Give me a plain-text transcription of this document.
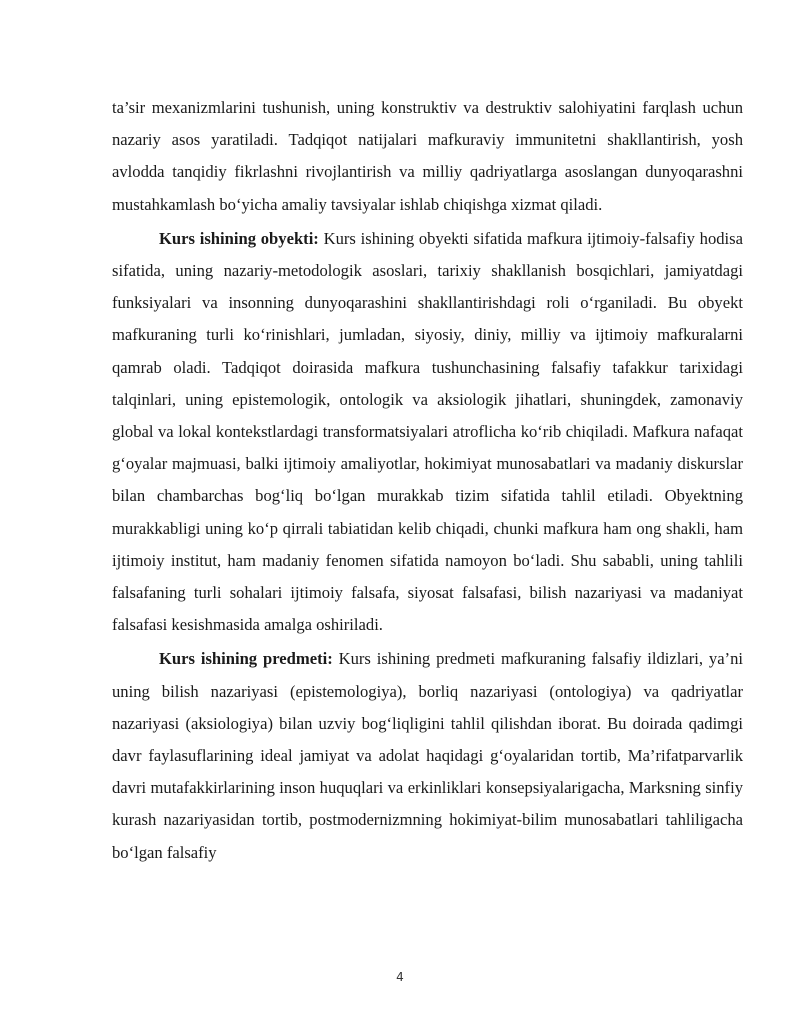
ta’sir mexanizmlarini tushunish, uning konstruktiv va destruktiv salohiyatini farqlash uchun nazariy asos yaratiladi. Tadqiqot natijalari mafkuraviy immunitetni shakllantirish, yosh avlodda tanqidiy fikrlashni rivojlantirish va milliy qadriyatlarga asoslangan dunyoqarashni mustahkamlash bo‘yicha amaliy tavsiyalar ishlab chiqishga xizmat qiladi.

Kurs ishining obyekti: Kurs ishining obyekti sifatida mafkura ijtimoiy-falsafiy hodisa sifatida, uning nazariy-metodologik asoslari, tarixiy shakllanish bosqichlari, jamiyatdagi funksiyalari va insonning dunyoqarashini shakllantirishdagi roli o‘rganiladi. Bu obyekt mafkuraning turli ko‘rinishlari, jumladan, siyosiy, diniy, milliy va ijtimoiy mafkuralarni qamrab oladi. Tadqiqot doirasida mafkura tushunchasining falsafiy tafakkur tarixidagi talqinlari, uning epistemologik, ontologik va aksiologik jihatlari, shuningdek, zamonaviy global va lokal kontekstlardagi transformatsiyalari atroflicha ko‘rib chiqiladi. Mafkura nafaqat g‘oyalar majmuasi, balki ijtimoiy amaliyotlar, hokimiyat munosabatlari va madaniy diskurslar bilan chambarchas bog‘liq bo‘lgan murakkab tizim sifatida tahlil etiladi. Obyektning murakkabligi uning ko‘p qirrali tabiatidan kelib chiqadi, chunki mafkura ham ong shakli, ham ijtimoiy institut, ham madaniy fenomen sifatida namoyon bo‘ladi. Shu sababli, uning tahlili falsafaning turli sohalari ijtimoiy falsafa, siyosat falsafasi, bilish nazariyasi va madaniyat falsafasi kesishmasida amalga oshiriladi.

Kurs ishining predmeti: Kurs ishining predmeti mafkuraning falsafiy ildizlari, ya’ni uning bilish nazariyasi (epistemologiya), borliq nazariyasi (ontologiya) va qadriyatlar nazariyasi (aksiologiya) bilan uzviy bog‘liqligini tahlil qilishdan iborat. Bu doirada qadimgi davr faylasuflarining ideal jamiyat va adolat haqidagi g‘oyalaridan tortib, Ma’rifatparvarlik davri mutafakkirlarining inson huquqlari va erkinliklari konsepsiyalarigacha, Marksning sinfiy kurash nazariyasidan tortib, postmodernizmning hokimiyat-bilim munosabatlari tahliligacha bo‘lgan falsafiy

4
